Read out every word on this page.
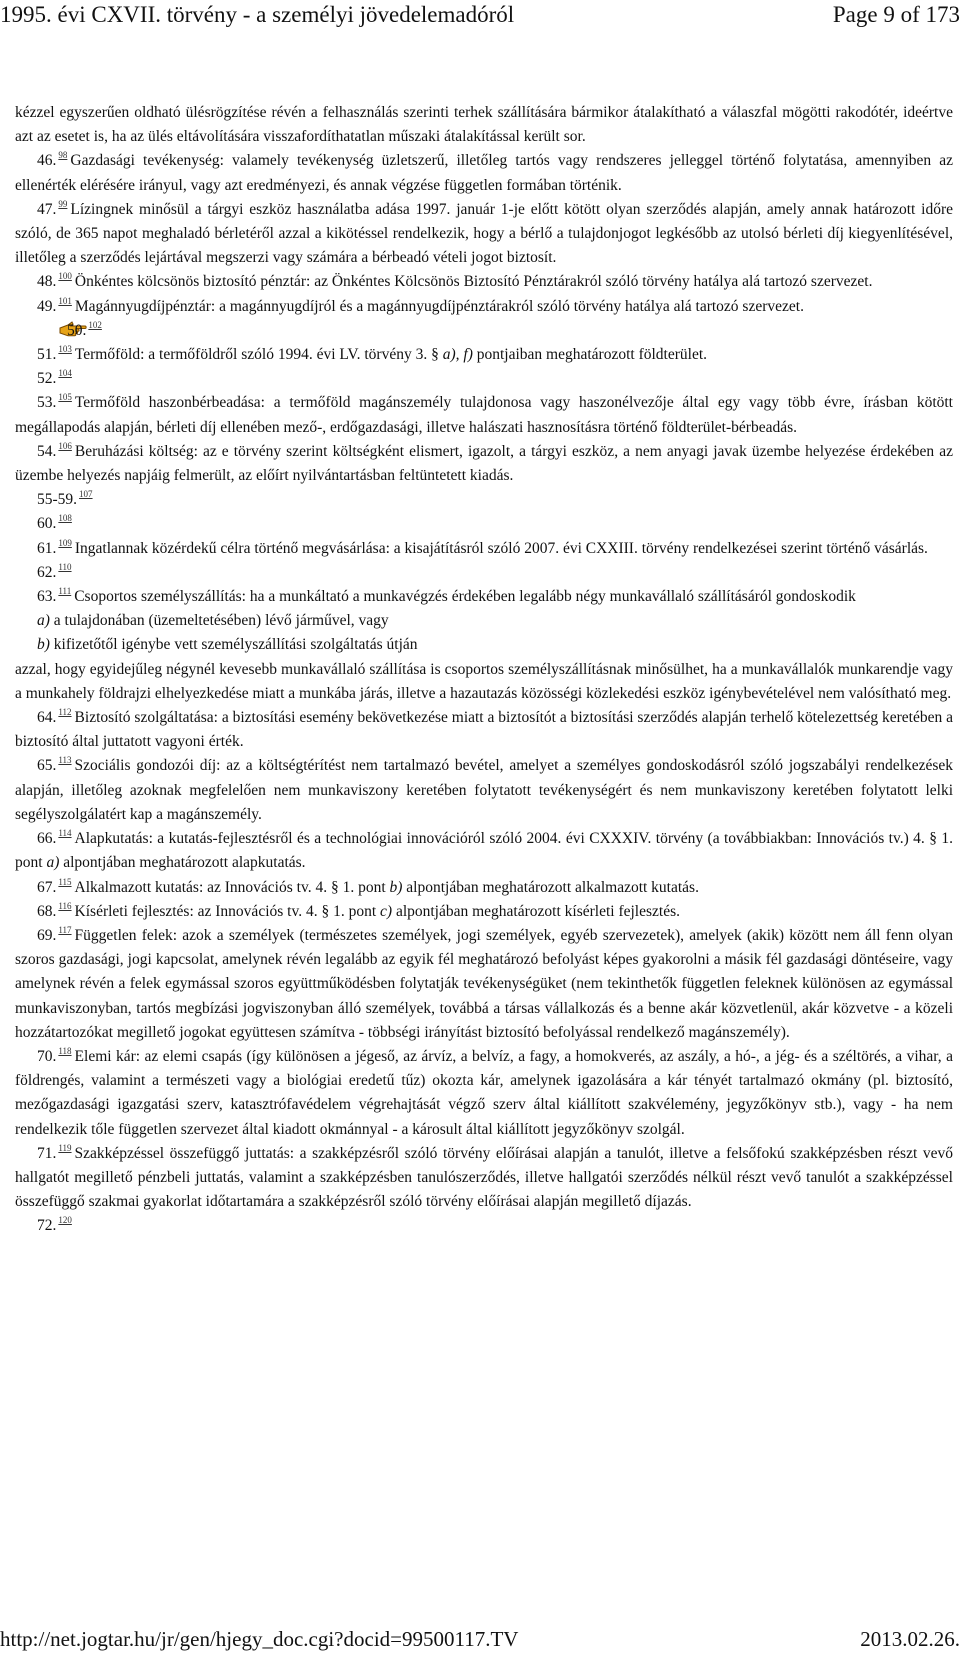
1995. évi CXVII. törvény - a személyi jövedelemadóról	Page 9 of 173

kézzel egyszerűen oldható ülésrögzítése révén a felhasználás szerinti terhek szállítására bármikor átalakítható a válaszfal mögötti rakodótér, ideértve azt az esetet is, ha az ülés eltávolítására visszafordíthatatlan műszaki átalakítással került sor.

46. $^{98}$ Gazdasági tevékenység: valamely tevékenység üzletszerű, illetőleg tartós vagy rendszeres jelleggel történő folytatása, amennyiben az ellenérték elérésére irányul, vagy azt eredményezi, és annak végzése független formában történik.

47. $^{99}$ Lízingnek minősül a tárgyi eszköz használatba adása 1997. január 1-je előtt kötött olyan szerződés alapján, amely annak határozott időre szóló, de 365 napot meghaladó bérletéről azzal a kikötéssel rendelkezik, hogy a bérlő a tulajdonjogot legkésőbb az utolsó bérleti díj kiegyenlítésével, illetőleg a szerződés lejártával megszerzi vagy számára a bérbeadó vételi jogot biztosít.

48. $^{100}$ Önkéntes kölcsönös biztosító pénztár: az Önkéntes Kölcsönös Biztosító Pénztárakról szóló törvény hatálya alá tartozó szervezet.

49. $^{101}$ Magánnyugdíjpénztár: a magánnyugdíjról és a magánnyugdíjpénztárakról szóló törvény hatálya alá tartozó szervezet.

50. $^{102}$

51. $^{103}$ Termőföld: a termőföldről szóló 1994. évi LV. törvény 3. § a), f) pontjaiban meghatározott földterület.

52. $^{104}$

53. $^{105}$ Termőföld haszonbérbeadása: a termőföld magánszemély tulajdonosa vagy haszonélvezője által egy vagy több évre, írásban kötött megállapodás alapján, bérleti díj ellenében mező-, erdőgazdasági, illetve halászati hasznosításra történő földterület-bérbeadás.

54. $^{106}$ Beruházási költség: az e törvény szerint költségként elismert, igazolt, a tárgyi eszköz, a nem anyagi javak üzembe helyezése érdekében az üzembe helyezés napjáig felmerült, az előírt nyilvántartásban feltüntetett kiadás.

55-59. $^{107}$

60. $^{108}$

61. $^{109}$ Ingatlannak közérdekű célra történő megvásárlása: a kisajátításról szóló 2007. évi CXXIII. törvény rendelkezései szerint történő vásárlás.

62. $^{110}$

63. $^{111}$ Csoportos személyszállítás: ha a munkáltató a munkavégzés érdekében legalább négy munkavállaló szállításáról gondoskodik

a) a tulajdonában (üzemeltetésében) lévő járművel, vagy

b) kifizetőtől igénybe vett személyszállítási szolgáltatás útján

azzal, hogy egyidejűleg négynél kevesebb munkavállaló szállítása is csoportos személyszállításnak minősülhet, ha a munkavállalók munkarendje vagy a munkahely földrajzi elhelyezkedése miatt a munkába járás, illetve a hazautazás közösségi közlekedési eszköz igénybevételével nem valósítható meg.

64. $^{112}$ Biztosító szolgáltatása: a biztosítási esemény bekövetkezése miatt a biztosítót a biztosítási szerződés alapján terhelő kötelezettség keretében a biztosító által juttatott vagyoni érték.

65. $^{113}$ Szociális gondozói díj: az a költségtérítést nem tartalmazó bevétel, amelyet a személyes gondoskodásról szóló jogszabályi rendelkezések alapján, illetőleg azoknak megfelelően nem munkaviszony keretében folytatott tevékenységért és nem munkaviszony keretében folytatott lelki segélyszolgálatért kap a magánszemély.

66. $^{114}$ Alapkutatás: a kutatás-fejlesztésről és a technológiai innovációról szóló 2004. évi CXXXIV. törvény (a továbbiakban: Innovációs tv.) 4. § 1. pont a) alpontjában meghatározott alapkutatás.

67. $^{115}$ Alkalmazott kutatás: az Innovációs tv. 4. § 1. pont b) alpontjában meghatározott alkalmazott kutatás.

68. $^{116}$ Kísérleti fejlesztés: az Innovációs tv. 4. § 1. pont c) alpontjában meghatározott kísérleti fejlesztés.

69. $^{117}$ Független felek: azok a személyek (természetes személyek, jogi személyek, egyéb szervezetek), amelyek (akik) között nem áll fenn olyan szoros gazdasági, jogi kapcsolat, amelynek révén legalább az egyik fél meghatározó befolyást képes gyakorolni a másik fél gazdasági döntéseire, vagy amelynek révén a felek egymással szoros együttműködésben folytatják tevékenységüket (nem tekinthetők független feleknek különösen az egymással munkaviszonyban, tartós megbízási jogviszonyban álló személyek, továbbá a társas vállalkozás és a benne akár közvetlenül, akár közvetve - a közeli hozzátartozókat megillető jogokat együttesen számítva - többségi irányítást biztosító befolyással rendelkező magánszemély).

70. $^{118}$ Elemi kár: az elemi csapás (így különösen a jégeső, az árvíz, a belvíz, a fagy, a homokverés, az aszály, a hó-, a jég- és a széltörés, a vihar, a földrengés, valamint a természeti vagy a biológiai eredetű tűz) okozta kár, amelynek igazolására a kár tényét tartalmazó okmány (pl. biztosító, mezőgazdasági igazgatási szerv, katasztrófavédelem végrehajtását végző szerv által kiállított szakvélemény, jegyzőkönyv stb.), vagy - ha nem rendelkezik tőle független szervezet által kiadott okmánnyal - a károsult által kiállított jegyzőkönyv szolgál.

71. $^{119}$ Szakképzéssel összefüggő juttatás: a szakképzésről szóló törvény előírásai alapján a tanulót, illetve a felsőfokú szakképzésben részt vevő hallgatót megillető pénzbeli juttatás, valamint a szakképzésben tanulószerződés, illetve hallgatói szerződés nélkül részt vevő tanulót a szakképzéssel összefüggő szakmai gyakorlat időtartamára a szakképzésről szóló törvény előírásai alapján megillető díjazás.

72. $^{120}$

http://net.jogtar.hu/jr/gen/hjegy_doc.cgi?docid=99500117.TV	2013.02.26.
